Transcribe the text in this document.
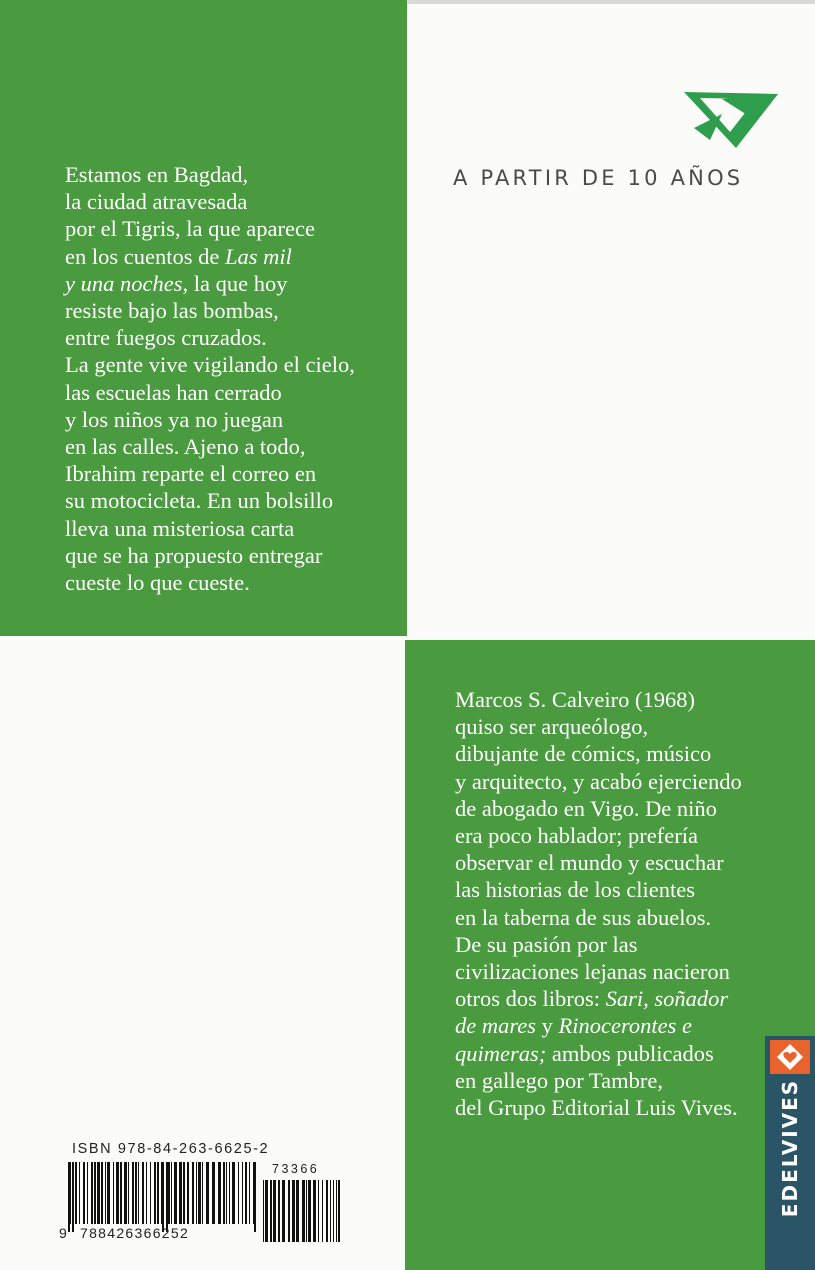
Estamos en Bagdad,
la ciudad atravesada
por el Tigris, la que aparece
en los cuentos de Las mil
y una noches, la que hoy
resiste bajo las bombas,
entre fuegos cruzados.
La gente vive vigilando el cielo,
las escuelas han cerrado
y los niños ya no juegan
en las calles. Ajeno a todo,
Ibrahim reparte el correo en
su motocicleta. En un bolsillo
lleva una misteriosa carta
que se ha propuesto entregar
cueste lo que cueste.
A PARTIR DE 10 AÑOS
Marcos S. Calveiro (1968)
quiso ser arqueólogo,
dibujante de cómics, músico
y arquitecto, y acabó ejerciendo
de abogado en Vigo. De niño
era poco hablador; prefería
observar el mundo y escuchar
las historias de los clientes
en la taberna de sus abuelos.
De su pasión por las
civilizaciones lejanas nacieron
otros dos libros: Sari, soñador
de mares y Rinocerontes e
quimeras; ambos publicados
en gallego por Tambre,
del Grupo Editorial Luis Vives.
ISBN 978-84-263-6625-2
9 788426366252
73366	EDELVIVES
